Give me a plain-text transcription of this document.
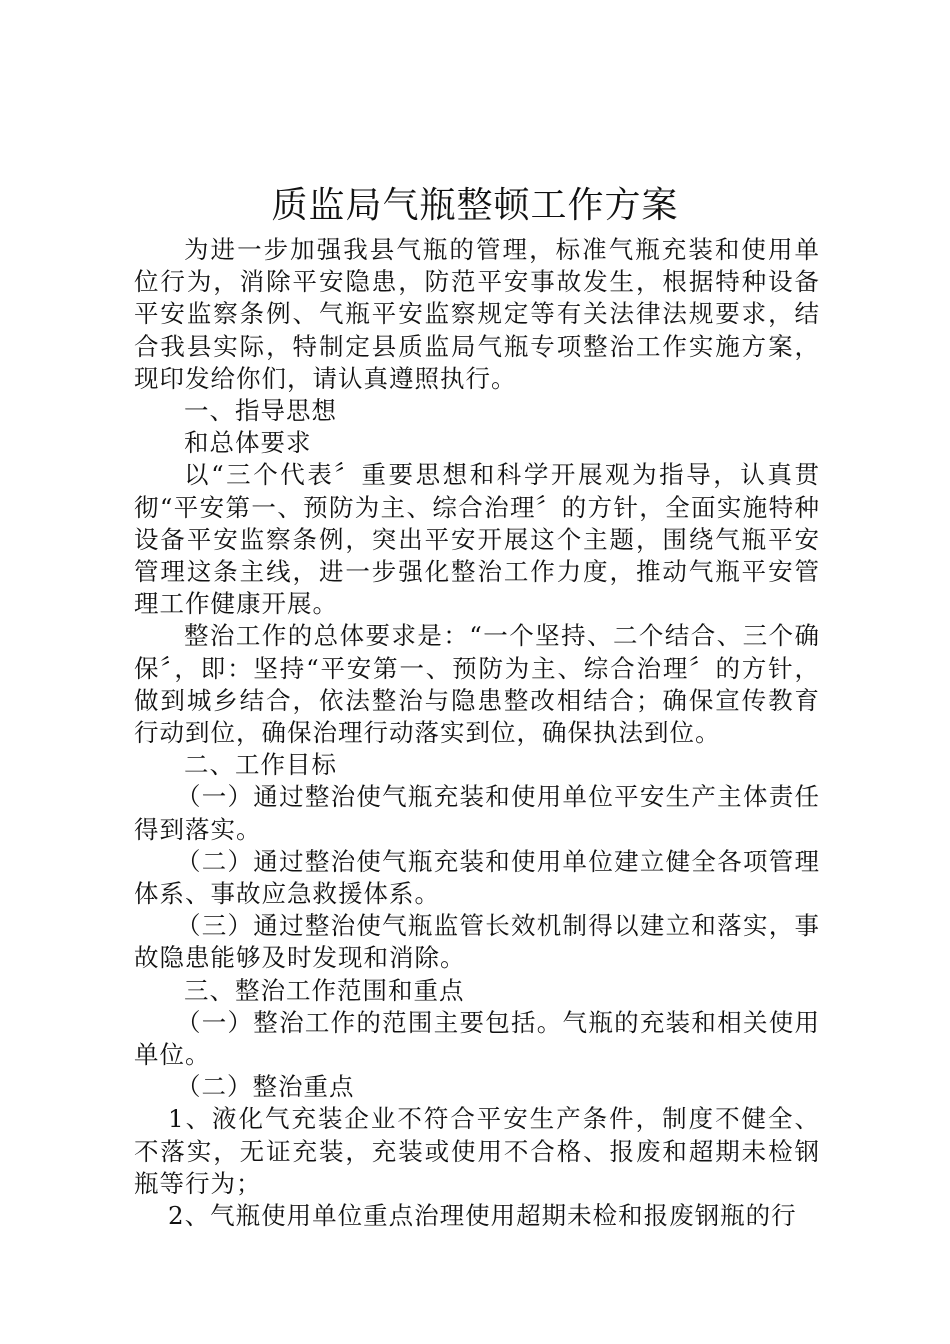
质监局气瓶整顿工作方案

为进一步加强我县气瓶的管理，标准气瓶充装和使用单位行为，消除平安隐患，防范平安事故发生，根据特种设备平安监察条例、气瓶平安监察规定等有关法律法规要求，结合我县实际，特制定县质监局气瓶专项整治工作实施方案，现印发给你们，请认真遵照执行。

一、指导思想

和总体要求

以“三个代表〞重要思想和科学开展观为指导，认真贯彻“平安第一、预防为主、综合治理〞的方针，全面实施特种设备平安监察条例，突出平安开展这个主题，围绕气瓶平安管理这条主线，进一步强化整治工作力度，推动气瓶平安管理工作健康开展。

整治工作的总体要求是：“一个坚持、二个结合、三个确保〞，即：坚持“平安第一、预防为主、综合治理〞的方针，做到城乡结合，依法整治与隐患整改相结合；确保宣传教育行动到位，确保治理行动落实到位，确保执法到位。

二、工作目标

（一）通过整治使气瓶充装和使用单位平安生产主体责任得到落实。

（二）通过整治使气瓶充装和使用单位建立健全各项管理体系、事故应急救援体系。

（三）通过整治使气瓶监管长效机制得以建立和落实，事故隐患能够及时发现和消除。

三、整治工作范围和重点

（一）整治工作的范围主要包括。气瓶的充装和相关使用单位。

（二）整治重点

1、液化气充装企业不符合平安生产条件，制度不健全、不落实，无证充装，充装或使用不合格、报废和超期未检钢瓶等行为；

2、气瓶使用单位重点治理使用超期未检和报废钢瓶的行
